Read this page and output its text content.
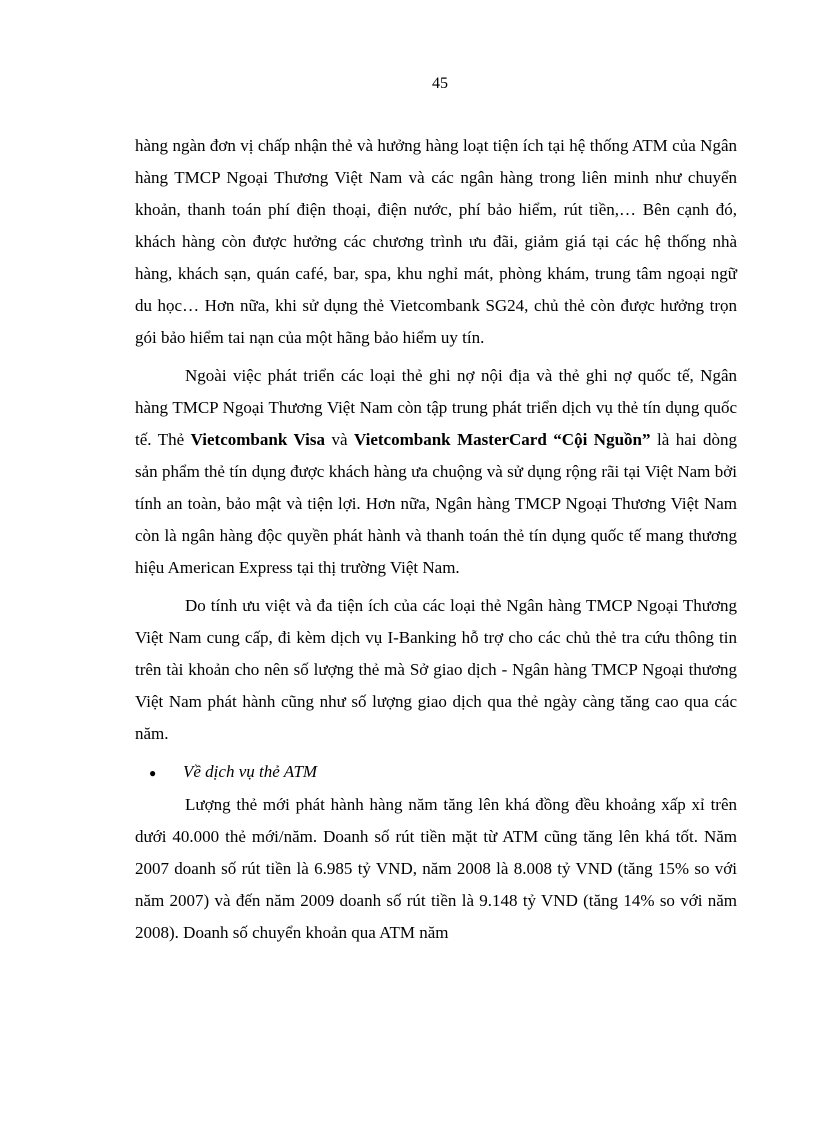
45

hàng ngàn đơn vị chấp nhận thẻ và hưởng hàng loạt tiện ích tại hệ thống ATM của Ngân hàng TMCP Ngoại Thương Việt Nam và các ngân hàng trong liên minh như chuyển khoản, thanh toán phí điện thoại, điện nước, phí bảo hiểm, rút tiền,… Bên cạnh đó, khách hàng còn được hưởng các chương trình ưu đãi, giảm giá tại các hệ thống nhà hàng, khách sạn, quán café, bar, spa, khu nghỉ mát, phòng khám, trung tâm ngoại ngữ du học… Hơn nữa, khi sử dụng thẻ Vietcombank SG24, chủ thẻ còn được hưởng trọn gói bảo hiểm tai nạn của một hãng bảo hiểm uy tín.

Ngoài việc phát triển các loại thẻ ghi nợ nội địa và thẻ ghi nợ quốc tế, Ngân hàng TMCP Ngoại Thương Việt Nam còn tập trung phát triển dịch vụ thẻ tín dụng quốc tế. Thẻ Vietcombank Visa và Vietcombank MasterCard “Cội Nguồn” là hai dòng sản phẩm thẻ tín dụng được khách hàng ưa chuộng và sử dụng rộng rãi tại Việt Nam bởi tính an toàn, bảo mật và tiện lợi. Hơn nữa, Ngân hàng TMCP Ngoại Thương Việt Nam còn là ngân hàng độc quyền phát hành và thanh toán thẻ tín dụng quốc tế mang thương hiệu American Express tại thị trường Việt Nam.

Do tính ưu việt và đa tiện ích của các loại thẻ Ngân hàng TMCP Ngoại Thương Việt Nam cung cấp, đi kèm dịch vụ I-Banking hỗ trợ cho các chủ thẻ tra cứu thông tin trên tài khoản cho nên số lượng thẻ mà Sở giao dịch - Ngân hàng TMCP Ngoại thương Việt Nam phát hành cũng như số lượng giao dịch qua thẻ ngày càng tăng cao qua các năm.

●	Về dịch vụ thẻ ATM

Lượng thẻ mới phát hành hàng năm tăng lên khá đồng đều khoảng xấp xỉ trên dưới 40.000 thẻ mới/năm. Doanh số rút tiền mặt từ ATM cũng tăng lên khá tốt. Năm 2007 doanh số rút tiền là 6.985 tỷ VND, năm 2008 là 8.008 tỷ VND (tăng 15% so với năm 2007) và đến năm 2009 doanh số rút tiền là 9.148 tỷ VND (tăng 14% so với năm 2008). Doanh số chuyển khoản qua ATM năm
